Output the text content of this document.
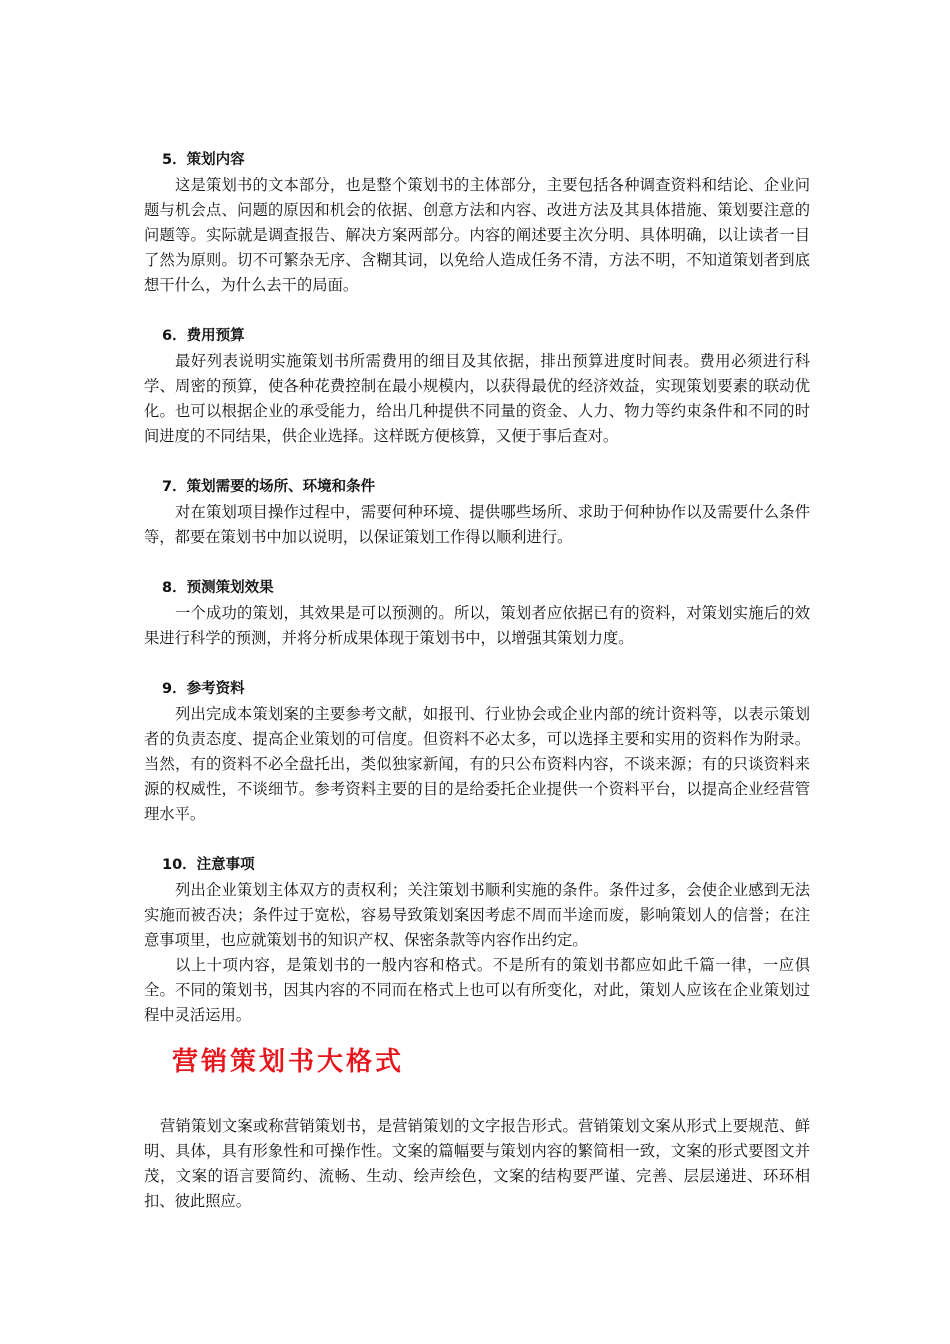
5．策划内容

这是策划书的文本部分，也是整个策划书的主体部分，主要包括各种调查资料和结论、企业问题与机会点、问题的原因和机会的依据、创意方法和内容、改进方法及其具体措施、策划要注意的问题等。实际就是调查报告、解决方案两部分。内容的阐述要主次分明、具体明确，以让读者一目了然为原则。切不可繁杂无序、含糊其词，以免给人造成任务不清，方法不明，不知道策划者到底想干什么，为什么去干的局面。

6．费用预算

最好列表说明实施策划书所需费用的细目及其依据，排出预算进度时间表。费用必须进行科学、周密的预算，使各种花费控制在最小规模内，以获得最优的经济效益，实现策划要素的联动优化。也可以根据企业的承受能力，给出几种提供不同量的资金、人力、物力等约束条件和不同的时间进度的不同结果，供企业选择。这样既方便核算，又便于事后查对。

7．策划需要的场所、环境和条件

对在策划项目操作过程中，需要何种环境、提供哪些场所、求助于何种协作以及需要什么条件等，都要在策划书中加以说明，以保证策划工作得以顺利进行。

8．预测策划效果

一个成功的策划，其效果是可以预测的。所以，策划者应依据已有的资料，对策划实施后的效果进行科学的预测，并将分析成果体现于策划书中，以增强其策划力度。

9．参考资料

列出完成本策划案的主要参考文献，如报刊、行业协会或企业内部的统计资料等，以表示策划者的负责态度、提高企业策划的可信度。但资料不必太多，可以选择主要和实用的资料作为附录。当然，有的资料不必全盘托出，类似独家新闻，有的只公布资料内容，不谈来源；有的只谈资料来源的权威性，不谈细节。参考资料主要的目的是给委托企业提供一个资料平台，以提高企业经营管理水平。

10．注意事项

列出企业策划主体双方的责权利；关注策划书顺利实施的条件。条件过多，会使企业感到无法实施而被否决；条件过于宽松，容易导致策划案因考虑不周而半途而废，影响策划人的信誉；在注意事项里，也应就策划书的知识产权、保密条款等内容作出约定。

以上十项内容，是策划书的一般内容和格式。不是所有的策划书都应如此千篇一律，一应俱全。不同的策划书，因其内容的不同而在格式上也可以有所变化，对此，策划人应该在企业策划过程中灵活运用。

营销策划书大格式

营销策划文案或称营销策划书，是营销策划的文字报告形式。营销策划文案从形式上要规范、鲜明、具体，具有形象性和可操作性。文案的篇幅要与策划内容的繁简相一致，文案的形式要图文并茂，文案的语言要简约、流畅、生动、绘声绘色，文案的结构要严谨、完善、层层递进、环环相扣、彼此照应。
